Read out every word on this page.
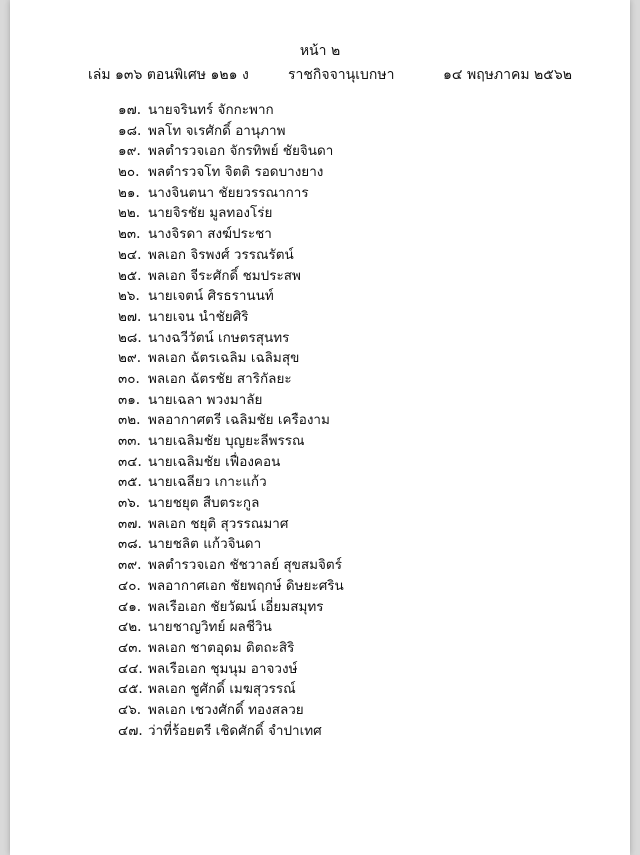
หน้า ๒
เล่ม ๑๓๖ ตอนพิเศษ ๑๒๑ ง	ราชกิจจานุเบกษา	๑๔ พฤษภาคม ๒๕๖๒
๑๗. นายจรินทร์ จักกะพาก
๑๘. พลโท จเรศักดิ์ อานุภาพ
๑๙. พลตำรวจเอก จักรทิพย์ ชัยจินดา
๒๐. พลตำรวจโท จิตติ รอดบางยาง
๒๑. นางจินตนา ชัยยวรรณาการ
๒๒. นายจิรชัย มูลทองโร่ย
๒๓. นางจิรดา สงฆ์ประชา
๒๔. พลเอก จิรพงศ์ วรรณรัตน์
๒๕. พลเอก จีระศักดิ์ ชมประสพ
๒๖. นายเจตน์ ศิรธรานนท์
๒๗. นายเจน นำชัยศิริ
๒๘. นางฉวีวัตน์ เกษตรสุนทร
๒๙. พลเอก ฉัตรเฉลิม เฉลิมสุข
๓๐. พลเอก ฉัตรชัย สาริกัลยะ
๓๑. นายเฉลา พวงมาลัย
๓๒. พลอากาศตรี เฉลิมชัย เครืองาม
๓๓. นายเฉลิมชัย บุญยะลีพรรณ
๓๔. นายเฉลิมชัย เฟื่องคอน
๓๕. นายเฉลียว เกาะแก้ว
๓๖. นายชยุต สืบตระกูล
๓๗. พลเอก ชยุติ สุวรรณมาศ
๓๘. นายชลิต แก้วจินดา
๓๙. พลตำรวจเอก ชัชวาลย์ สุขสมจิตร์
๔๐. พลอากาศเอก ชัยพฤกษ์ ดิษยะศริน
๔๑. พลเรือเอก ชัยวัฒน์ เอี่ยมสมุทร
๔๒. นายชาญวิทย์ ผลชีวิน
๔๓. พลเอก ชาตอุดม ติตถะสิริ
๔๔. พลเรือเอก ชุมนุม อาจวงษ์
๔๕. พลเอก ชูศักดิ์ เมฆสุวรรณ์
๔๖. พลเอก เชวงศักดิ์ ทองสลวย
๔๗. ว่าที่ร้อยตรี เชิดศักดิ์ จำปาเทศ
